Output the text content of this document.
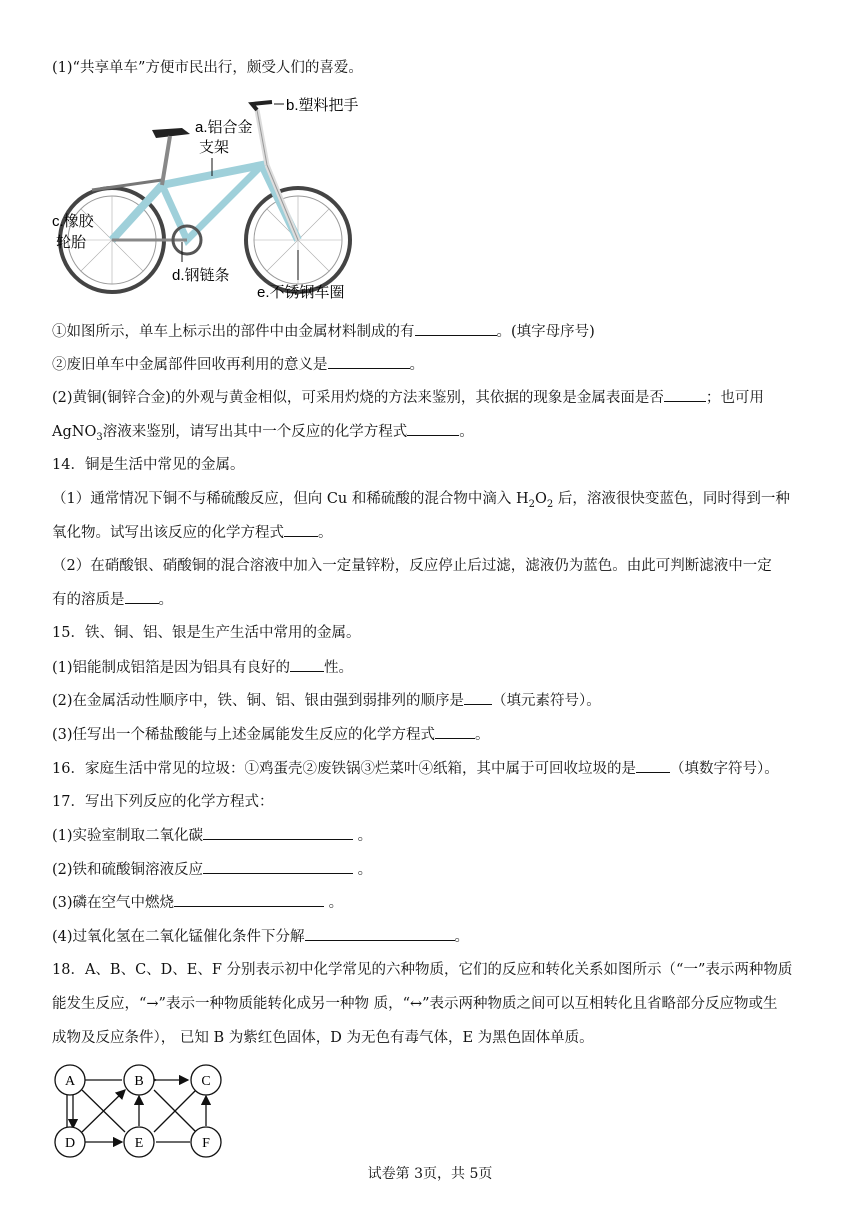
(1)“共享单车”方便市民出行，颇受人们的喜爱。
b.塑料把手
a.铝合金
支架
c.橡胶
轮胎
d.钢链条
e.不锈钢车圈
①如图所示，单车上标示出的部件中由金属材料制成的有	。(填字母序号)
②废旧单车中金属部件回收再利用的意义是	。
(2)黄铜(铜锌合金)的外观与黄金相似，可采用灼烧的方法来鉴别，其依据的现象是金属表面是否	；也可用
AgNO$_3$溶液来鉴别，请写出其中一个反应的化学方程式	。
14．铜是生活中常见的金属。
（1）通常情况下铜不与稀硫酸反应，但向 Cu 和稀硫酸的混合物中滴入 $H_2O_2$ 后，溶液很快变蓝色，同时得到一种
氧化物。试写出该反应的化学方程式 。
（2）在硝酸银、硝酸铜的混合溶液中加入一定量锌粉，反应停止后过滤，滤液仍为蓝色。由此可判断滤液中一定
有的溶质是 。
15．铁、铜、铝、银是生产生活中常用的金属。
(1)铝能制成铝箔是因为铝具有良好的 性。
(2)在金属活动性顺序中，铁、铜、铝、银由强到弱排列的顺序是 （填元素符号）。
(3)任写出一个稀盐酸能与上述金属能发生反应的化学方程式	。
16．家庭生活中常见的垃圾：①鸡蛋壳②废铁锅③烂菜叶④纸箱，其中属于可回收垃圾的是 （填数字符号）。
17．写出下列反应的化学方程式：
(1)实验室制取二氧化碳	。
(2)铁和硫酸铜溶液反应	。
(3)磷在空气中燃烧	。
(4)过氧化氢在二氧化锰催化条件下分解	。
18．A、B、C、D、E、F 分别表示初中化学常见的六种物质，它们的反应和转化关系如图所示（“一”表示两种物质
能发生反应，“→”表示一种物质能转化成另一种物 质，“↔”表示两种物质之间可以互相转化且省略部分反应物或生
成物及反应条件）， 已知 B 为紫红色固体，D 为无色有毒气体，E 为黑色固体单质。
A	B	C
D	E	F
试卷第 3页，共 5页
